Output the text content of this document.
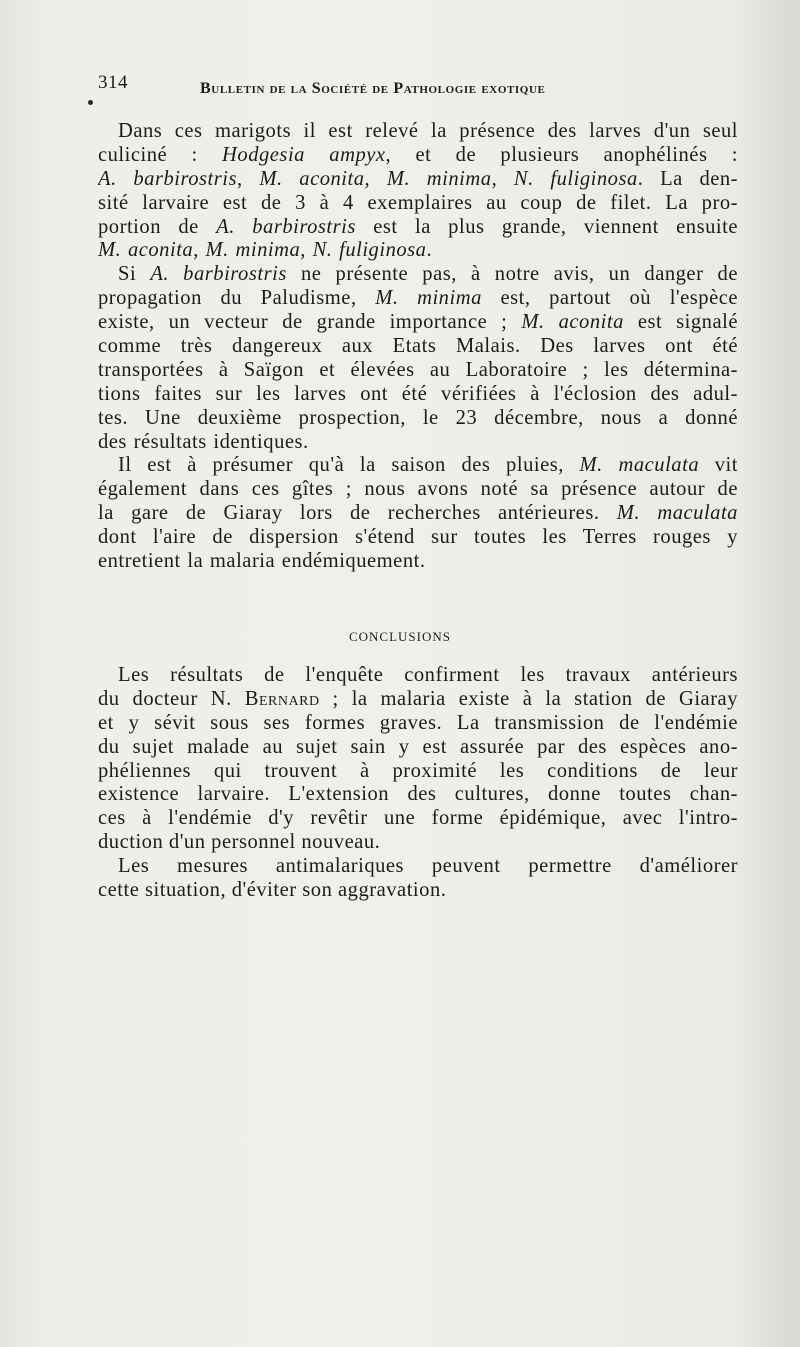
314	Bulletin de la Société de Pathologie exotique
Dans ces marigots il est relevé la présence des larves d'un seul
culiciné : Hodgesia ampyx, et de plusieurs anophélinés :
A. barbirostris, M. aconita, M. minima, N. fuliginosa. La den-
sité larvaire est de 3 à 4 exemplaires au coup de filet. La pro-
portion de A. barbirostris est la plus grande, viennent ensuite
M. aconita, M. minima, N. fuliginosa.
Si A. barbirostris ne présente pas, à notre avis, un danger de
propagation du Paludisme, M. minima est, partout où l'espèce
existe, un vecteur de grande importance ; M. aconita est signalé
comme très dangereux aux Etats Malais. Des larves ont été
transportées à Saïgon et élevées au Laboratoire ; les détermina-
tions faites sur les larves ont été vérifiées à l'éclosion des adul-
tes. Une deuxième prospection, le 23 décembre, nous a donné
des résultats identiques.
Il est à présumer qu'à la saison des pluies, M. maculata vit
également dans ces gîtes ; nous avons noté sa présence autour de
la gare de Giaray lors de recherches antérieures. M. maculata
dont l'aire de dispersion s'étend sur toutes les Terres rouges y
entretient la malaria endémiquement.
CONCLUSIONS
Les résultats de l'enquête confirment les travaux antérieurs
du docteur N. Bernard ; la malaria existe à la station de Giaray
et y sévit sous ses formes graves. La transmission de l'endémie
du sujet malade au sujet sain y est assurée par des espèces ano-
phéliennes qui trouvent à proximité les conditions de leur
existence larvaire. L'extension des cultures, donne toutes chan-
ces à l'endémie d'y revêtir une forme épidémique, avec l'intro-
duction d'un personnel nouveau.
Les mesures antimalariques peuvent permettre d'améliorer
cette situation, d'éviter son aggravation.
